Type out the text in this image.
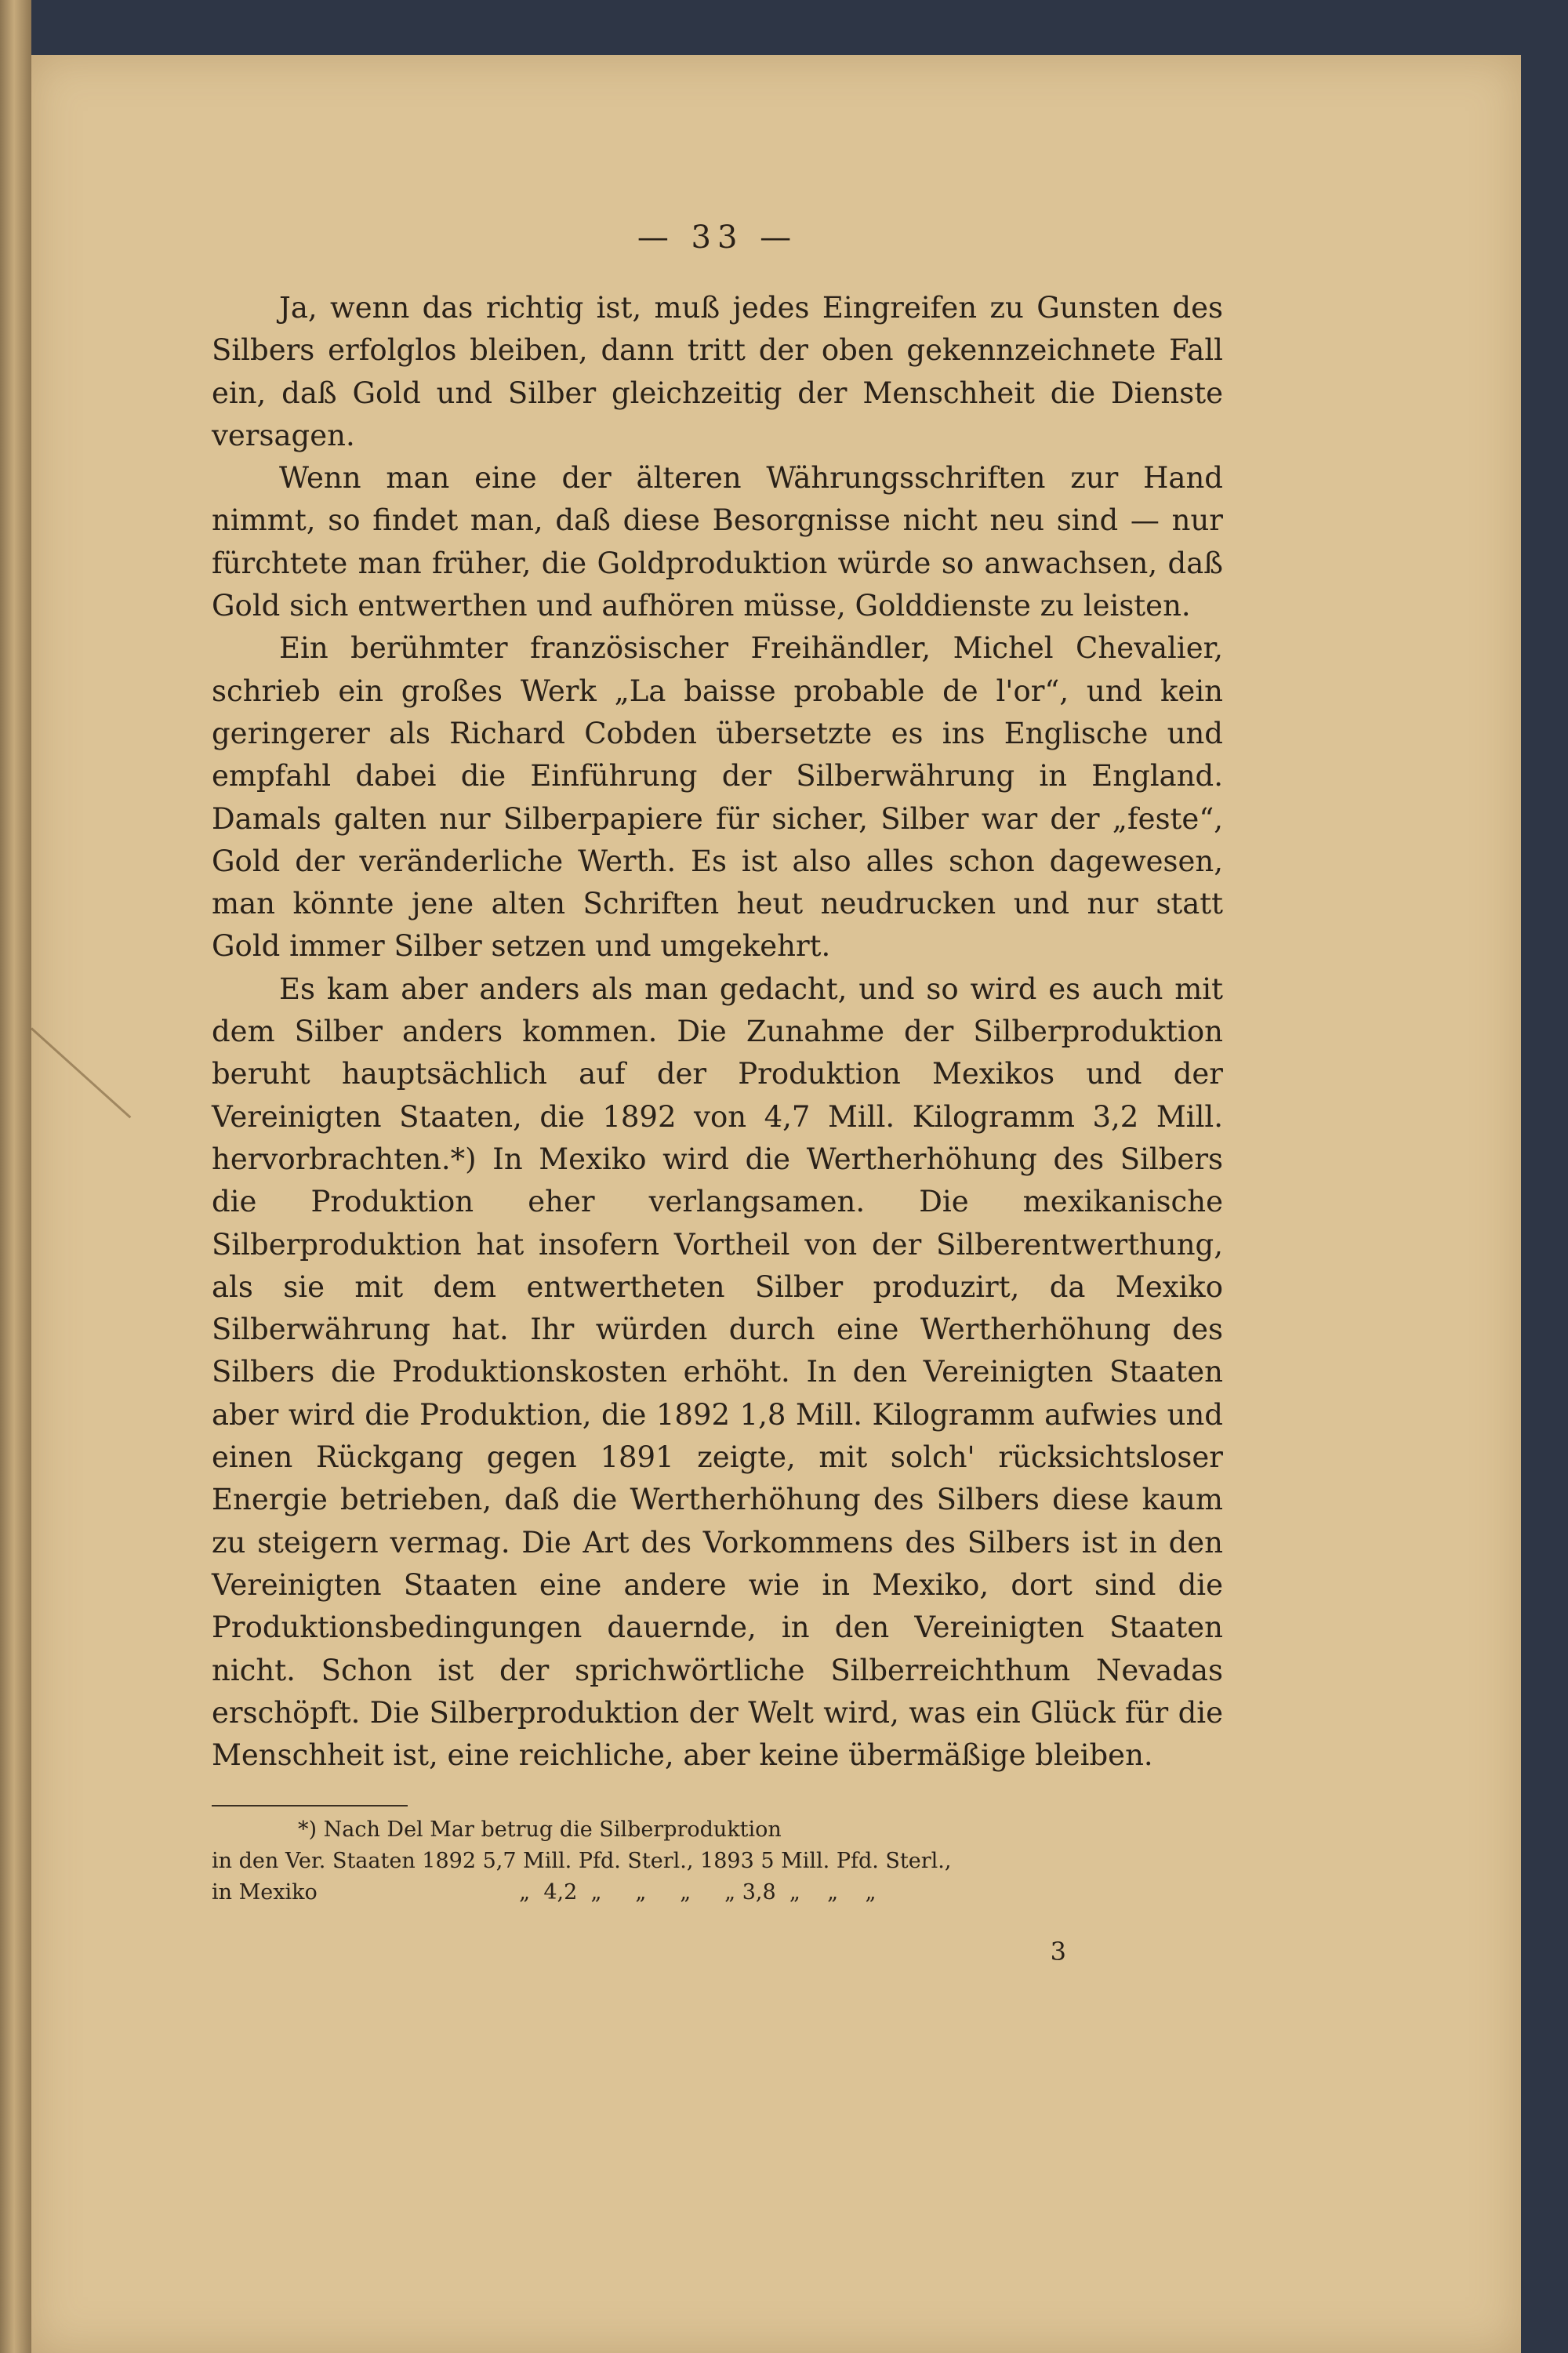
— 33 —

Ja, wenn das richtig ist, muß jedes Eingreifen zu Gunsten des Silbers erfolglos bleiben, dann tritt der oben gekennzeichnete Fall ein, daß Gold und Silber gleichzeitig der Menschheit die Dienste versagen.

Wenn man eine der älteren Währungsschriften zur Hand nimmt, so findet man, daß diese Besorgnisse nicht neu sind — nur fürchtete man früher, die Goldproduktion würde so anwachsen, daß Gold sich entwerthen und aufhören müsse, Golddienste zu leisten.

Ein berühmter französischer Freihändler, Michel Chevalier, schrieb ein großes Werk „La baisse probable de l'or“, und kein geringerer als Richard Cobden übersetzte es ins Englische und empfahl dabei die Einführung der Silberwährung in England. Damals galten nur Silberpapiere für sicher, Silber war der „feste“, Gold der veränderliche Werth. Es ist also alles schon dagewesen, man könnte jene alten Schriften heut neudrucken und nur statt Gold immer Silber setzen und umgekehrt.

Es kam aber anders als man gedacht, und so wird es auch mit dem Silber anders kommen. Die Zunahme der Silberproduktion beruht hauptsächlich auf der Produktion Mexikos und der Vereinigten Staaten, die 1892 von 4,7 Mill. Kilogramm 3,2 Mill. hervorbrachten.*) In Mexiko wird die Wertherhöhung des Silbers die Produktion eher verlangsamen. Die mexikanische Silberproduktion hat insofern Vortheil von der Silberentwerthung, als sie mit dem entwertheten Silber produzirt, da Mexiko Silberwährung hat. Ihr würden durch eine Wertherhöhung des Silbers die Produktionskosten erhöht. In den Vereinigten Staaten aber wird die Produktion, die 1892 1,8 Mill. Kilogramm aufwies und einen Rückgang gegen 1891 zeigte, mit solch' rücksichtsloser Energie betrieben, daß die Wertherhöhung des Silbers diese kaum zu steigern vermag. Die Art des Vorkommens des Silbers ist in den Vereinigten Staaten eine andere wie in Mexiko, dort sind die Produktionsbedingungen dauernde, in den Vereinigten Staaten nicht. Schon ist der sprichwörtliche Silberreichthum Nevadas erschöpft. Die Silberproduktion der Welt wird, was ein Glück für die Menschheit ist, eine reichliche, aber keine übermäßige bleiben.

*) Nach Del Mar betrug die Silberproduktion
in den Ver. Staaten 1892 5,7 Mill. Pfd. Sterl., 1893 5 Mill. Pfd. Sterl.,
in Mexiko                              „  4,2  „     „     „     „ 3,8  „    „    „
3
